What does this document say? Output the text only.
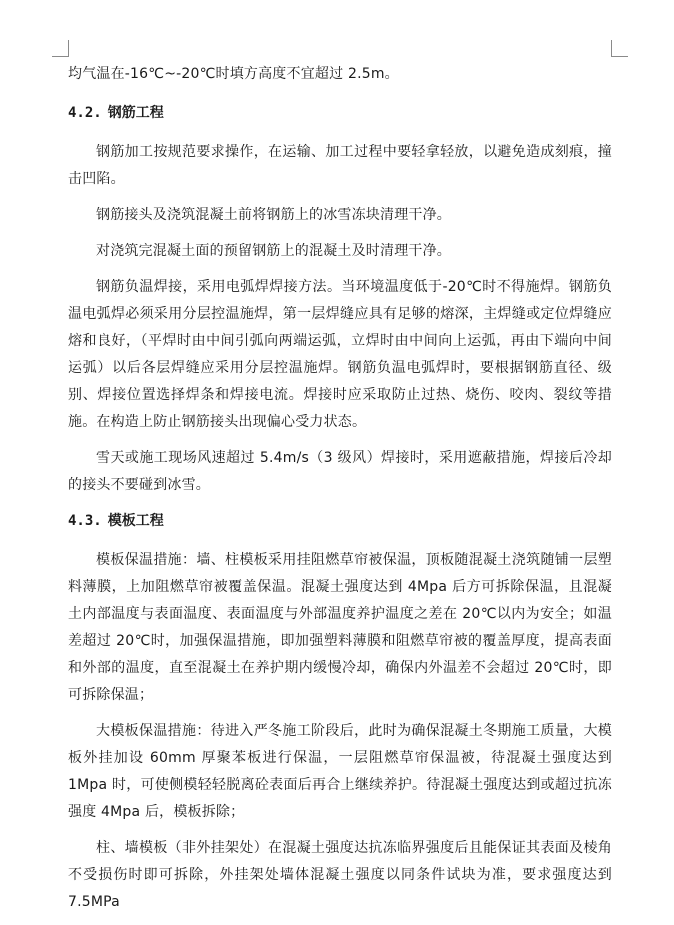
均气温在-16℃~-20℃时填方高度不宜超过 2.5m。

4.2. 钢筋工程

钢筋加工按规范要求操作，在运输、加工过程中要轻拿轻放，以避免造成刻痕，撞击凹陷。

钢筋接头及浇筑混凝土前将钢筋上的冰雪冻块清理干净。

对浇筑完混凝土面的预留钢筋上的混凝土及时清理干净。

钢筋负温焊接，采用电弧焊焊接方法。当环境温度低于-20℃时不得施焊。钢筋负温电弧焊必须采用分层控温施焊，第一层焊缝应具有足够的熔深，主焊缝或定位焊缝应熔和良好，（平焊时由中间引弧向两端运弧，立焊时由中间向上运弧，再由下端向中间运弧）以后各层焊缝应采用分层控温施焊。钢筋负温电弧焊时，要根据钢筋直径、级别、焊接位置选择焊条和焊接电流。焊接时应采取防止过热、烧伤、咬肉、裂纹等措施。在构造上防止钢筋接头出现偏心受力状态。

雪天或施工现场风速超过 5.4m/s（3 级风）焊接时，采用遮蔽措施，焊接后冷却的接头不要碰到冰雪。

4.3. 模板工程

模板保温措施：墙、柱模板采用挂阻燃草帘被保温，顶板随混凝土浇筑随铺一层塑料薄膜，上加阻燃草帘被覆盖保温。混凝土强度达到 4Mpa 后方可拆除保温，且混凝土内部温度与表面温度、表面温度与外部温度养护温度之差在 20℃以内为安全；如温差超过 20℃时，加强保温措施，即加强塑料薄膜和阻燃草帘被的覆盖厚度，提高表面和外部的温度，直至混凝土在养护期内缓慢冷却，确保内外温差不会超过 20℃时，即可拆除保温；

大模板保温措施：待进入严冬施工阶段后，此时为确保混凝土冬期施工质量，大模板外挂加设 60mm 厚聚苯板进行保温，一层阻燃草帘保温被，待混凝土强度达到 1Mpa 时，可使侧模轻轻脱离砼表面后再合上继续养护。待混凝土强度达到或超过抗冻强度 4Mpa 后，模板拆除；

柱、墙模板（非外挂架处）在混凝土强度达抗冻临界强度后且能保证其表面及棱角不受损伤时即可拆除，外挂架处墙体混凝土强度以同条件试块为准，要求强度达到 7.5MPa
